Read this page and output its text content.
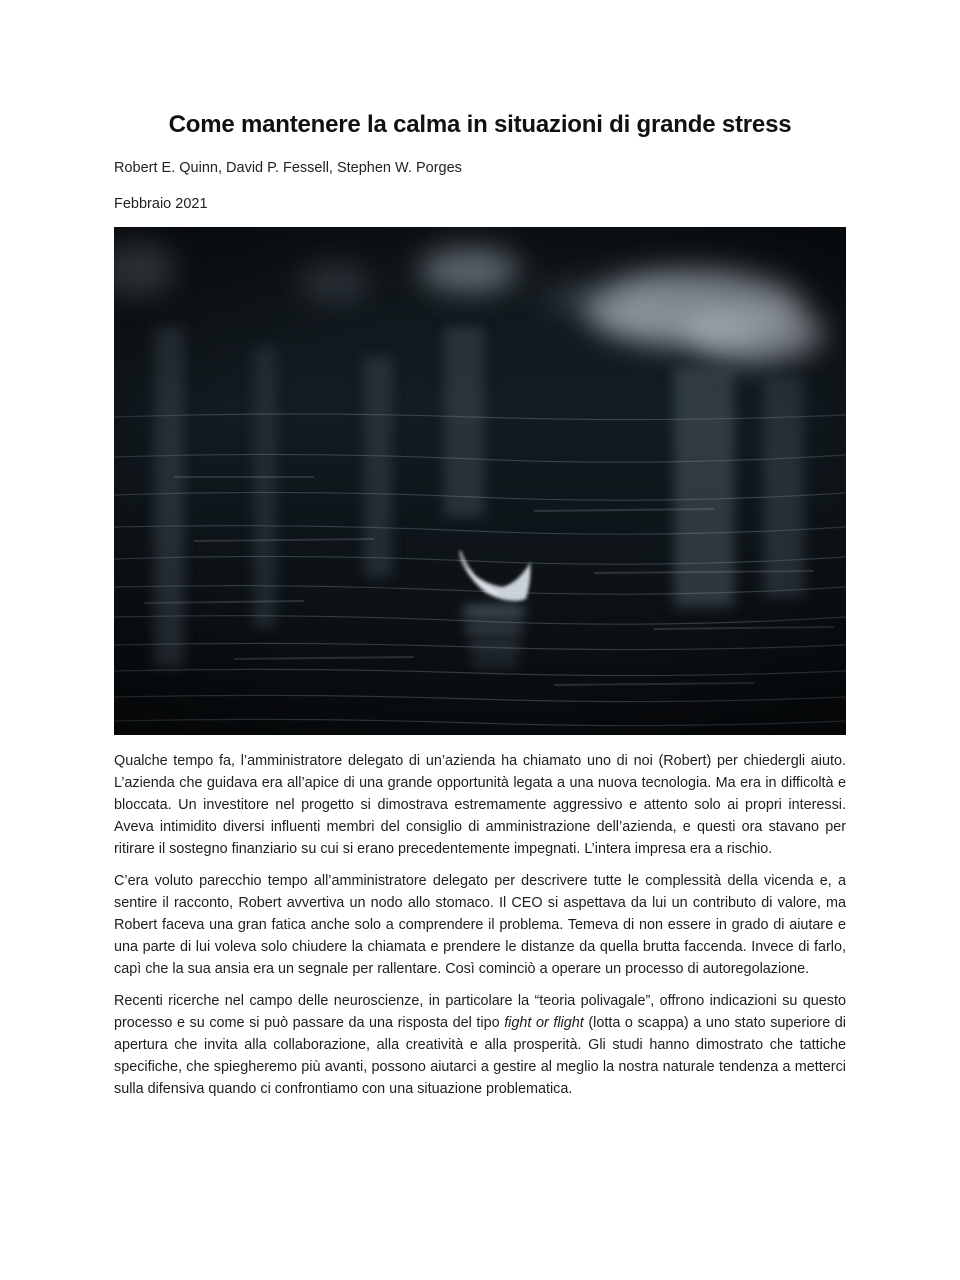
Come mantenere la calma in situazioni di grande stress
Robert E. Quinn, David P. Fessell, Stephen W. Porges
Febbraio 2021

Qualche tempo fa, l’amministratore delegato di un’azienda ha chiamato uno di noi (Robert) per chiedergli aiuto. L’azienda che guidava era all’apice di una grande opportunità legata a una nuova tecnologia. Ma era in difficoltà e bloccata. Un investitore nel progetto si dimostrava estremamente aggressivo e attento solo ai propri interessi. Aveva intimidito diversi influenti membri del consiglio di amministrazione dell’azienda, e questi ora stavano per ritirare il sostegno finanziario su cui si erano precedentemente impegnati. L’intera impresa era a rischio.

C’era voluto parecchio tempo all’amministratore delegato per descrivere tutte le complessità della vicenda e, a sentire il racconto, Robert avvertiva un nodo allo stomaco. Il CEO si aspettava da lui un contributo di valore, ma Robert faceva una gran fatica anche solo a comprendere il problema. Temeva di non essere in grado di aiutare e una parte di lui voleva solo chiudere la chiamata e prendere le distanze da quella brutta faccenda. Invece di farlo, capì che la sua ansia era un segnale per rallentare. Così cominciò a operare un processo di autoregolazione.

Recenti ricerche nel campo delle neuroscienze, in particolare la “teoria polivagale”, offrono indicazioni su questo processo e su come si può passare da una risposta del tipo fight or flight (lotta o scappa) a uno stato superiore di apertura che invita alla collaborazione, alla creatività e alla prosperità. Gli studi hanno dimostrato che tattiche specifiche, che spiegheremo più avanti, possono aiutarci a gestire al meglio la nostra naturale tendenza a metterci sulla difensiva quando ci confrontiamo con una situazione problematica.
